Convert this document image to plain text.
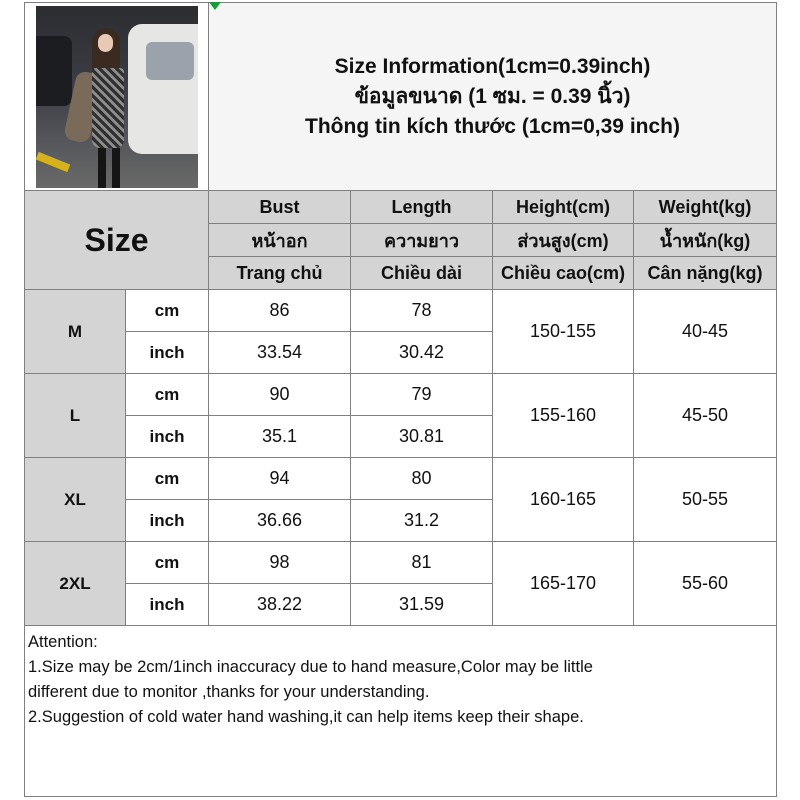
		Size Information(1cm=0.39inch)
ข้อมูลขนาด (1 ซม. = 0.39 นิ้ว)
Thông tin kích thước (1cm=0,39 inch)			

Size		Bust	Length	Height(cm)	Weight(kg)
		หน้าอก	ความยาว	ส่วนสูง(cm)	น้ำหนัก(kg)
		Trang chủ	Chiều dài	Chiều cao(cm)	Cân nặng(kg)
M	cm	86	78	150-155	40-45
	inch	33.54	30.42		
L	cm	90	79	155-160	45-50
	inch	35.1	30.81		
XL	cm	94	80	160-165	50-55
	inch	36.66	31.2		
2XL	cm	98	81	165-170	55-60
	inch	38.22	31.59		

Attention:
1.Size may be 2cm/1inch inaccuracy due to hand measure,Color may be little
different due to monitor ,thanks for your understanding.
2.Suggestion of cold water hand washing,it can help items keep their shape.					
